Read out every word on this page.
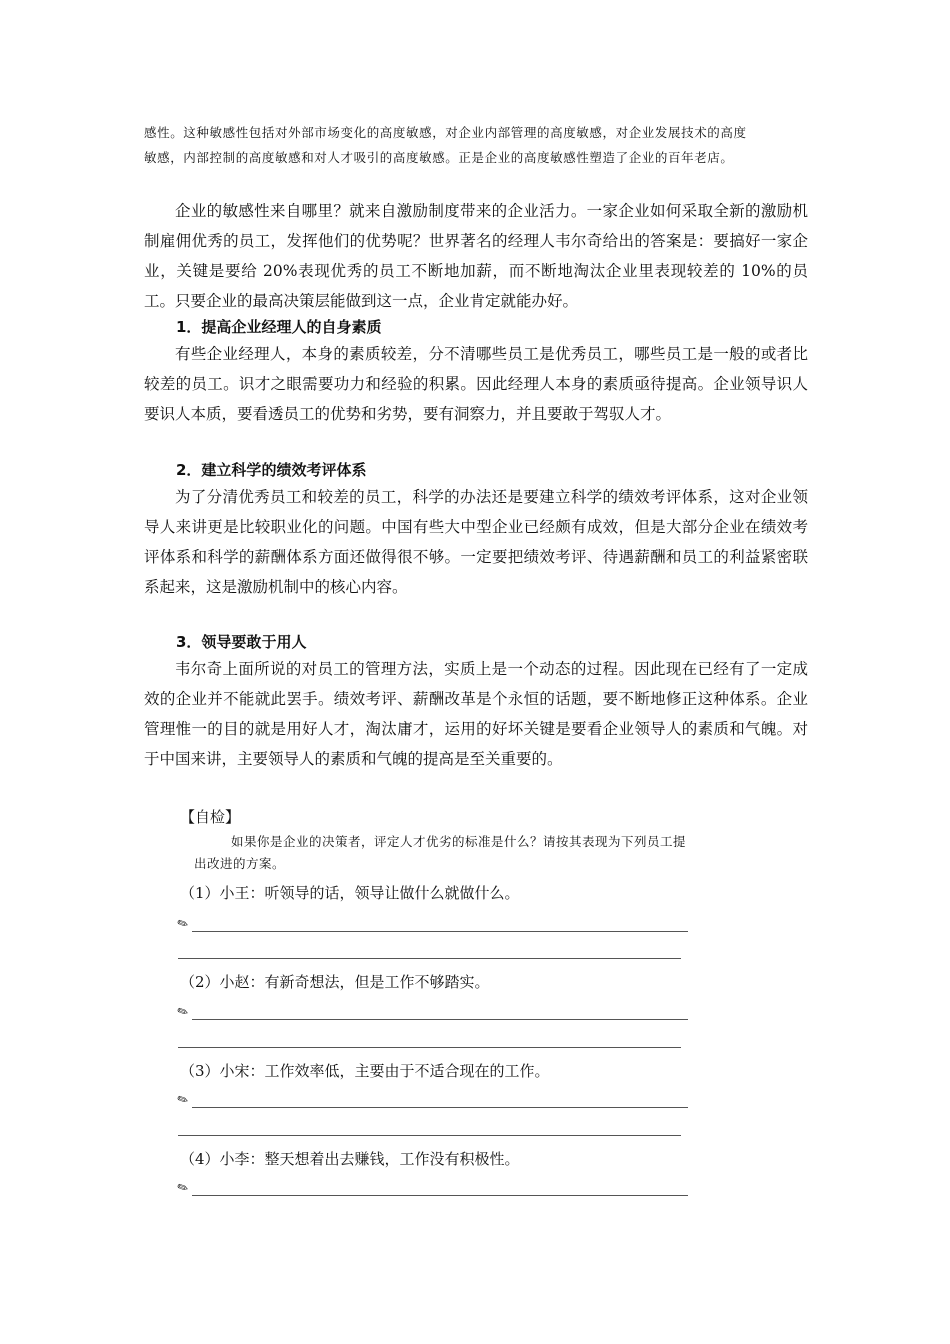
感性。这种敏感性包括对外部市场变化的高度敏感，对企业内部管理的高度敏感，对企业发展技术的高度
敏感，内部控制的高度敏感和对人才吸引的高度敏感。正是企业的高度敏感性塑造了企业的百年老店。
企业的敏感性来自哪里？就来自激励制度带来的企业活力。一家企业如何采取全新的激励机制雇佣优秀的员工，发挥他们的优势呢？世界著名的经理人韦尔奇给出的答案是：要搞好一家企业，关键是要给 20%表现优秀的员工不断地加薪，而不断地淘汰企业里表现较差的 10%的员工。只要企业的最高决策层能做到这一点，企业肯定就能办好。
1．提高企业经理人的自身素质
有些企业经理人，本身的素质较差，分不清哪些员工是优秀员工，哪些员工是一般的或者比较差的员工。识才之眼需要功力和经验的积累。因此经理人本身的素质亟待提高。企业领导识人要识人本质，要看透员工的优势和劣势，要有洞察力，并且要敢于驾驭人才。
2．建立科学的绩效考评体系
为了分清优秀员工和较差的员工，科学的办法还是要建立科学的绩效考评体系，这对企业领导人来讲更是比较职业化的问题。中国有些大中型企业已经颇有成效，但是大部分企业在绩效考评体系和科学的薪酬体系方面还做得很不够。一定要把绩效考评、待遇薪酬和员工的利益紧密联系起来，这是激励机制中的核心内容。
3．领导要敢于用人
韦尔奇上面所说的对员工的管理方法，实质上是一个动态的过程。因此现在已经有了一定成效的企业并不能就此罢手。绩效考评、薪酬改革是个永恒的话题，要不断地修正这种体系。企业管理惟一的目的就是用好人才，淘汰庸才，运用的好坏关键是要看企业领导人的素质和气魄。对于中国来讲，主要领导人的素质和气魄的提高是至关重要的。
【自检】
如果你是企业的决策者，评定人才优劣的标准是什么？请按其表现为下列员工提
出改进的方案。
（1）小王：听领导的话，领导让做什么就做什么。
✎
（2）小赵：有新奇想法，但是工作不够踏实。
✎
（3）小宋：工作效率低，主要由于不适合现在的工作。
✎
（4）小李：整天想着出去赚钱，工作没有积极性。
✎
